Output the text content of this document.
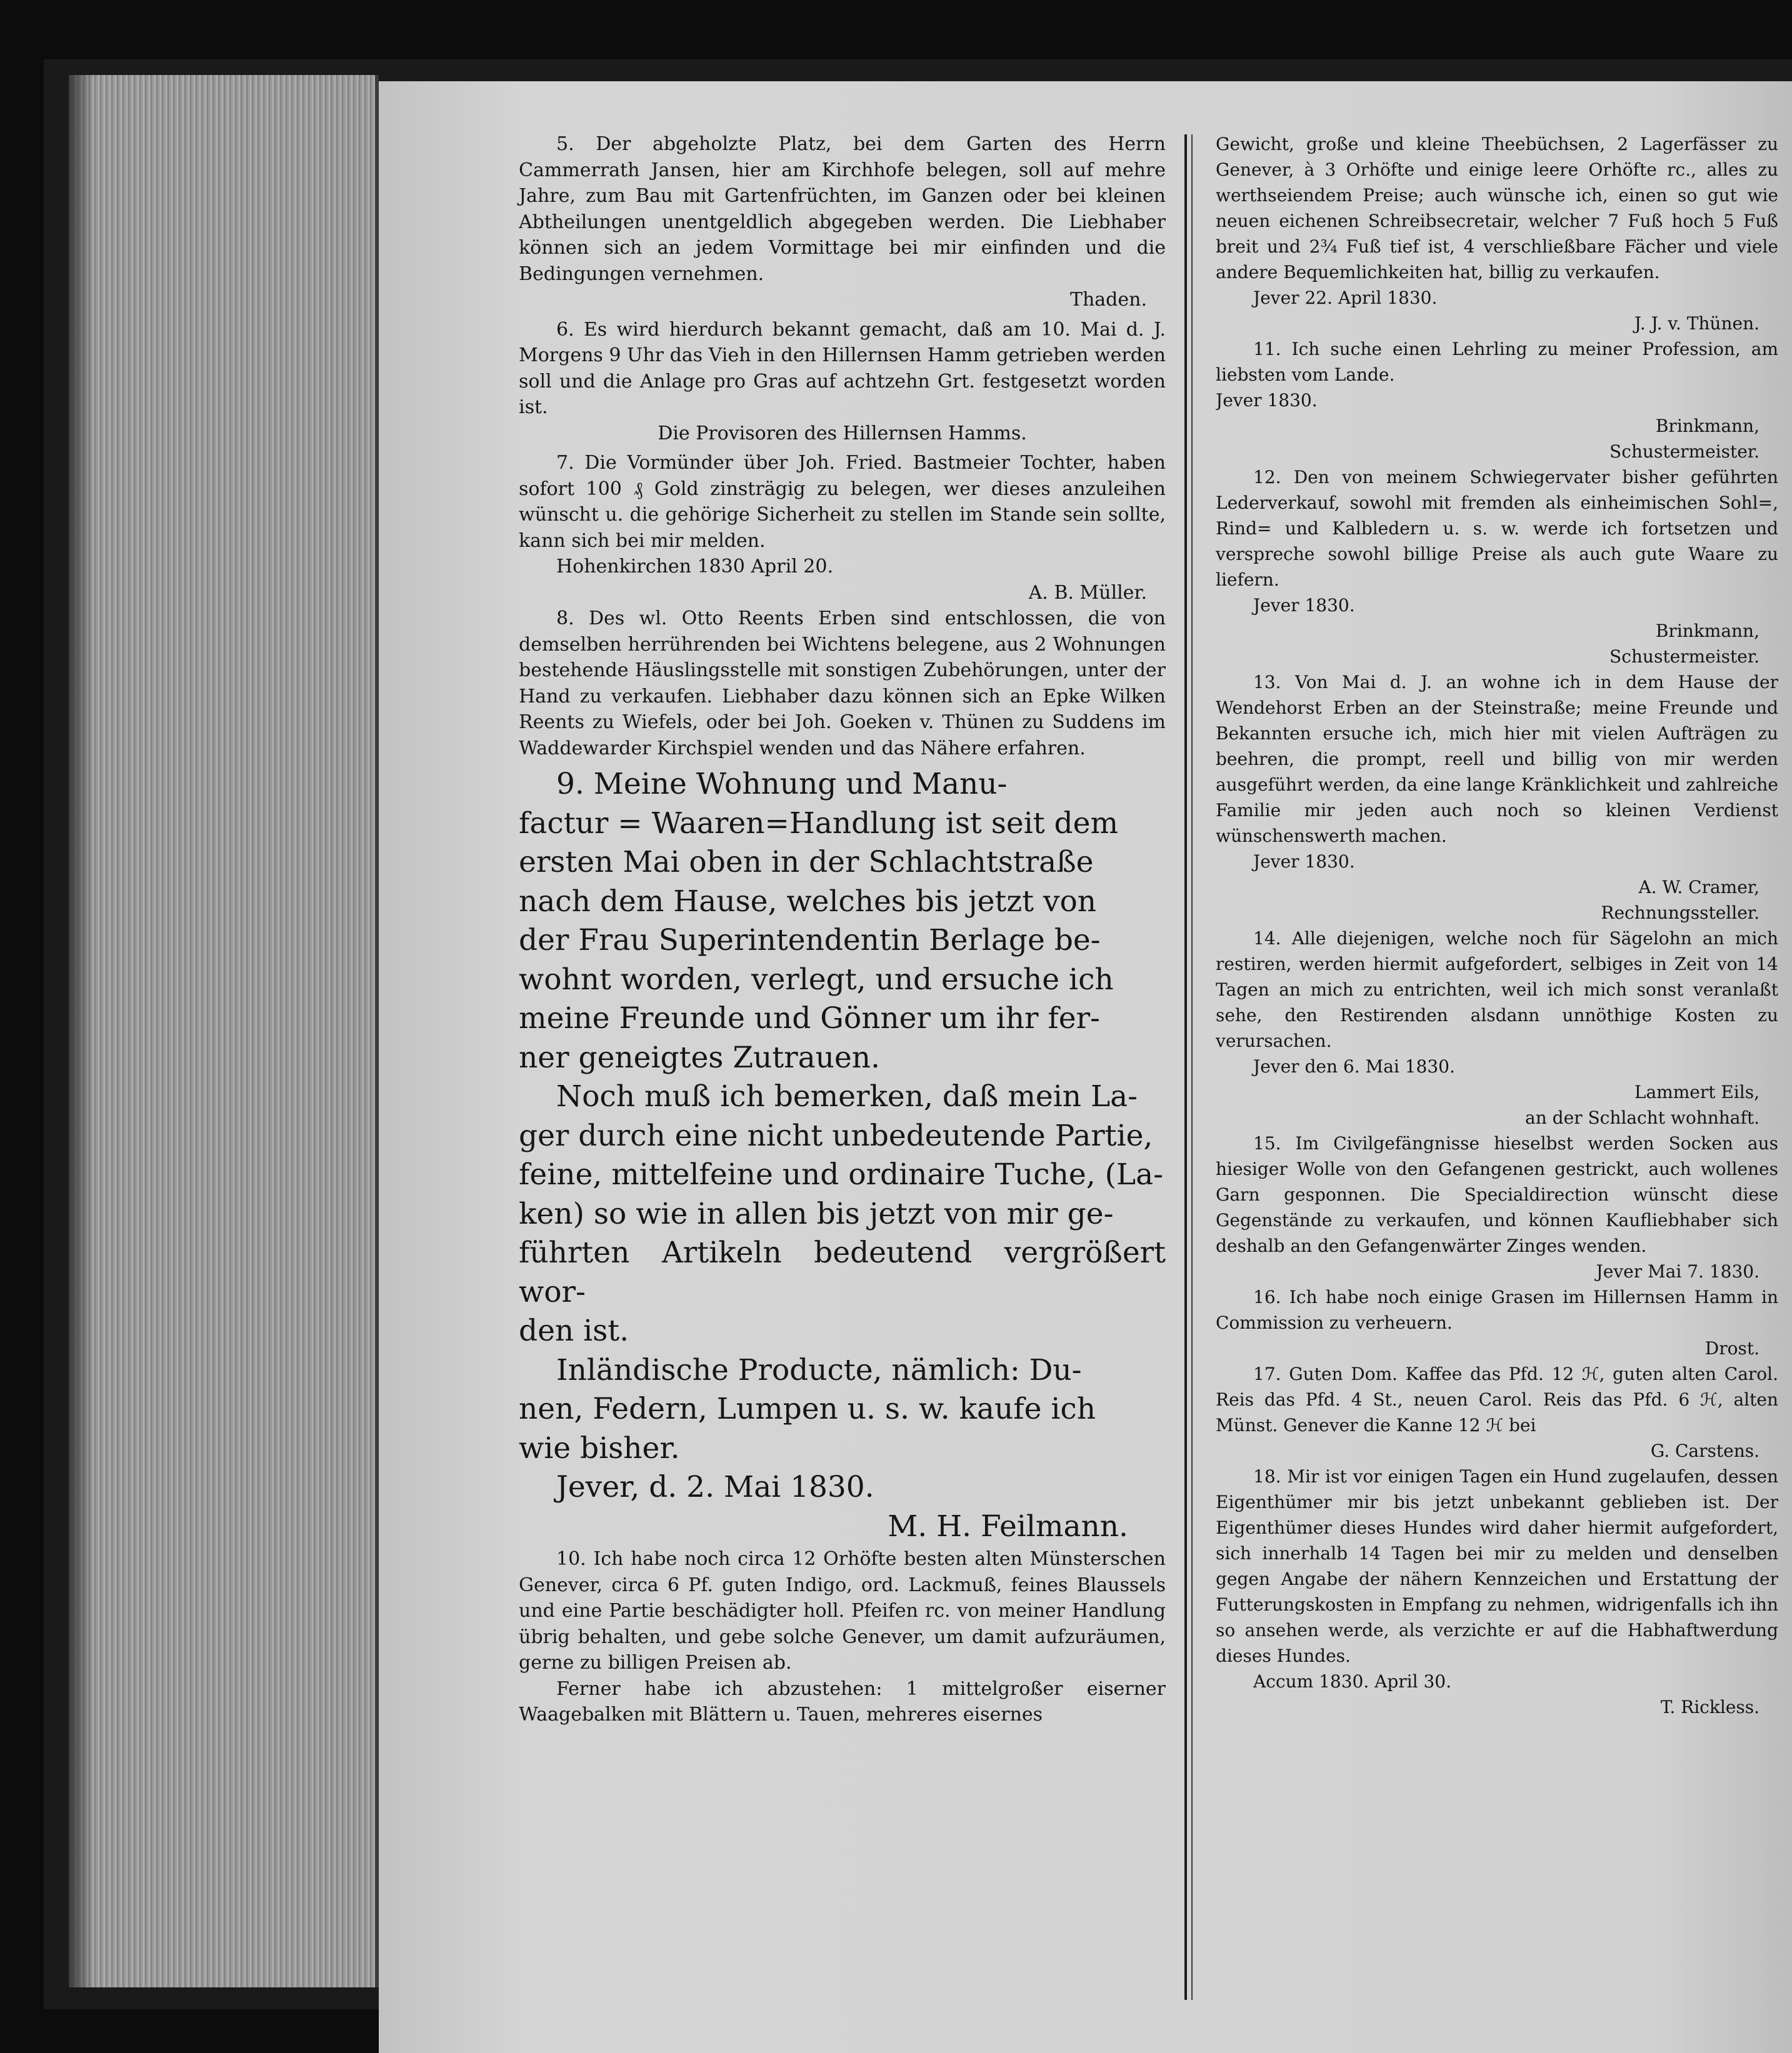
5. Der abgeholzte Platz, bei dem Garten des Herrn Cammerrath Jansen, hier am Kirchhofe belegen, soll auf mehre Jahre, zum Bau mit Gartenfrüchten, im Ganzen oder bei kleinen Abtheilungen unentgeldlich abgegeben werden. Die Liebhaber können sich an jedem Vormittage bei mir einfinden und die Bedingungen vernehmen.

Thaden.

6. Es wird hierdurch bekannt gemacht, daß am 10. Mai d. J. Morgens 9 Uhr das Vieh in den Hillernsen Hamm getrieben werden soll und die Anlage pro Gras auf achtzehn Grt. festgesetzt worden ist.

Die Provisoren des Hillernsen Hamms.

7. Die Vormünder über Joh. Fried. Bastmeier Tochter, haben sofort 100 ₰ Gold zinsträgig zu belegen, wer dieses anzuleihen wünscht u. die gehörige Sicherheit zu stellen im Stande sein sollte, kann sich bei mir melden.

Hohenkirchen 1830 April 20.

A. B. Müller.

8. Des wl. Otto Reents Erben sind entschlossen, die von demselben herrührenden bei Wichtens belegene, aus 2 Wohnungen bestehende Häuslingsstelle mit sonstigen Zubehörungen, unter der Hand zu verkaufen. Liebhaber dazu können sich an Epke Wilken Reents zu Wiefels, oder bei Joh. Goeken v. Thünen zu Suddens im Waddewarder Kirchspiel wenden und das Nähere erfahren.

9. Meine Wohnung und Manu-
factur = Waaren=Handlung ist seit dem
ersten Mai oben in der Schlachtstraße
nach dem Hause, welches bis jetzt von
der Frau Superintendentin Berlage be-
wohnt worden, verlegt, und ersuche ich
meine Freunde und Gönner um ihr fer-
ner geneigtes Zutrauen.
Noch muß ich bemerken, daß mein La-
ger durch eine nicht unbedeutende Partie,
feine, mittelfeine und ordinaire Tuche, (La-
ken) so wie in allen bis jetzt von mir ge-
führten Artikeln bedeutend vergrößert wor-
den ist.
Inländische Producte, nämlich: Du-
nen, Federn, Lumpen u. s. w. kaufe ich
wie bisher.
Jever, d. 2. Mai 1830.
M. H. Feilmann.

10. Ich habe noch circa 12 Orhöfte besten alten Münsterschen Genever, circa 6 Pf. guten Indigo, ord. Lackmuß, feines Blaussels und eine Partie beschädigter holl. Pfeifen rc. von meiner Handlung übrig behalten, und gebe solche Genever, um damit aufzuräumen, gerne zu billigen Preisen ab.

Ferner habe ich abzustehen: 1 mittelgroßer eiserner Waagebalken mit Blättern u. Tauen, mehreres eisernes

Gewicht, große und kleine Theebüchsen, 2 Lagerfässer zu Genever, à 3 Orhöfte und einige leere Orhöfte rc., alles zu werthseiendem Preise; auch wünsche ich, einen so gut wie neuen eichenen Schreibsecretair, welcher 7 Fuß hoch 5 Fuß breit und 2¾ Fuß tief ist, 4 verschließbare Fächer und viele andere Bequemlichkeiten hat, billig zu verkaufen.

Jever 22. April 1830.

J. J. v. Thünen.

11. Ich suche einen Lehrling zu meiner Profession, am liebsten vom Lande.

Jever 1830.

Brinkmann,

Schustermeister.

12. Den von meinem Schwiegervater bisher geführten Lederverkauf, sowohl mit fremden als einheimischen Sohl=, Rind= und Kalbledern u. s. w. werde ich fortsetzen und verspreche sowohl billige Preise als auch gute Waare zu liefern.

Jever 1830.

Brinkmann,

Schustermeister.

13. Von Mai d. J. an wohne ich in dem Hause der Wendehorst Erben an der Steinstraße; meine Freunde und Bekannten ersuche ich, mich hier mit vielen Aufträgen zu beehren, die prompt, reell und billig von mir werden ausgeführt werden, da eine lange Kränklichkeit und zahlreiche Familie mir jeden auch noch so kleinen Verdienst wünschenswerth machen.

Jever 1830.

A. W. Cramer,

Rechnungssteller.

14. Alle diejenigen, welche noch für Sägelohn an mich restiren, werden hiermit aufgefordert, selbiges in Zeit von 14 Tagen an mich zu entrichten, weil ich mich sonst veranlaßt sehe, den Restirenden alsdann unnöthige Kosten zu verursachen.

Jever den 6. Mai 1830.

Lammert Eils,

an der Schlacht wohnhaft.

15. Im Civilgefängnisse hieselbst werden Socken aus hiesiger Wolle von den Gefangenen gestrickt, auch wollenes Garn gesponnen. Die Specialdirection wünscht diese Gegenstände zu verkaufen, und können Kaufliebhaber sich deshalb an den Gefangenwärter Zinges wenden.

Jever Mai 7. 1830.

16. Ich habe noch einige Grasen im Hillernsen Hamm in Commission zu verheuern.

Drost.

17. Guten Dom. Kaffee das Pfd. 12 ℋ, guten alten Carol. Reis das Pfd. 4 St., neuen Carol. Reis das Pfd. 6 ℋ, alten Münst. Genever die Kanne 12 ℋ bei

G. Carstens.

18. Mir ist vor einigen Tagen ein Hund zugelaufen, dessen Eigenthümer mir bis jetzt unbekannt geblieben ist. Der Eigenthümer dieses Hundes wird daher hiermit aufgefordert, sich innerhalb 14 Tagen bei mir zu melden und denselben gegen Angabe der nähern Kennzeichen und Erstattung der Futterungskosten in Empfang zu nehmen, widrigenfalls ich ihn so ansehen werde, als verzichte er auf die Habhaftwerdung dieses Hundes.

Accum 1830. April 30.

T. Rickless.
